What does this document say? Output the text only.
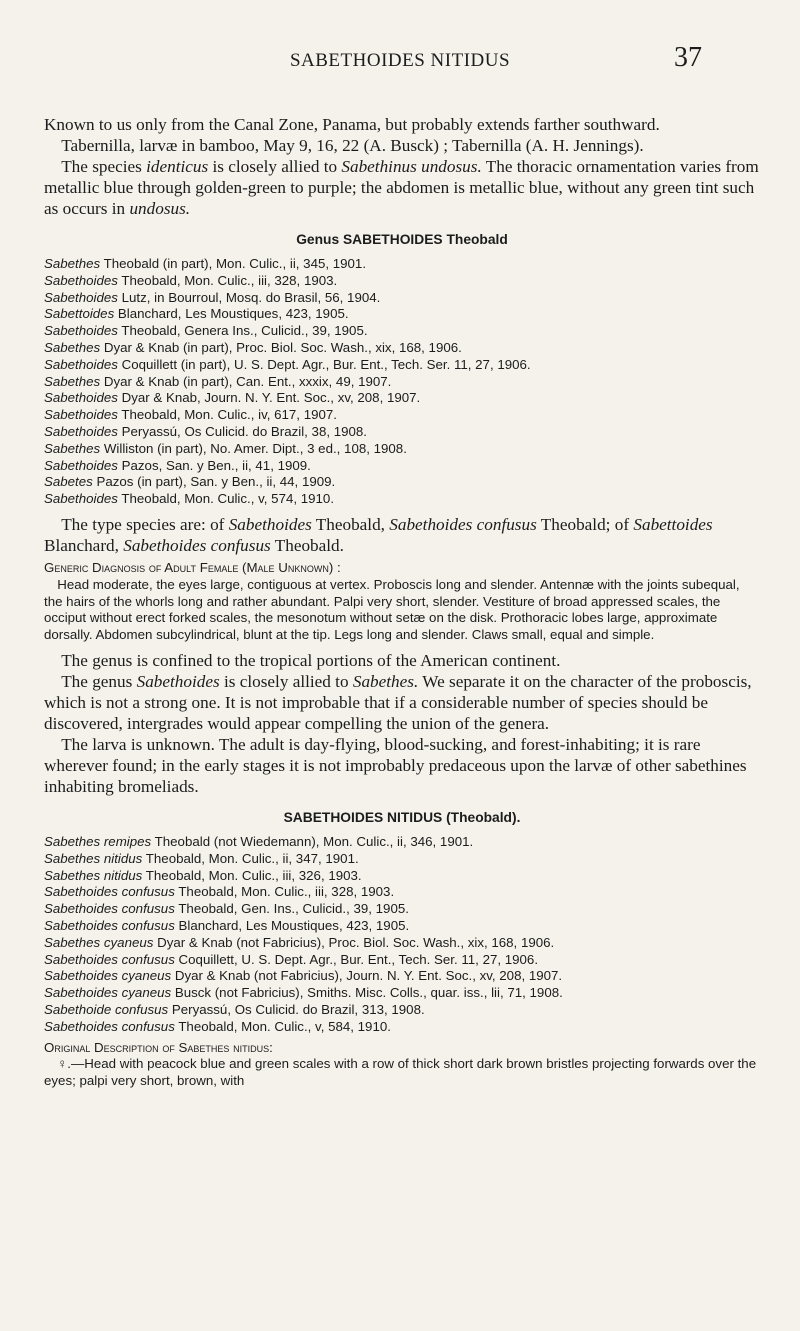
SABETHOIDES NITIDUS	37

Known to us only from the Canal Zone, Panama, but probably extends farther southward.

Tabernilla, larvæ in bamboo, May 9, 16, 22 (A. Busck) ; Tabernilla (A. H. Jennings).

The species identicus is closely allied to Sabethinus undosus. The thoracic ornamentation varies from metallic blue through golden-green to purple; the abdomen is metallic blue, without any green tint such as occurs in undosus.

Genus SABETHOIDES Theobald

Sabethes Theobald (in part), Mon. Culic., ii, 345, 1901.

Sabethoides Theobald, Mon. Culic., iii, 328, 1903.

Sabethoides Lutz, in Bourroul, Mosq. do Brasil, 56, 1904.

Sabettoides Blanchard, Les Moustiques, 423, 1905.

Sabethoides Theobald, Genera Ins., Culicid., 39, 1905.

Sabethes Dyar & Knab (in part), Proc. Biol. Soc. Wash., xix, 168, 1906.

Sabethoides Coquillett (in part), U. S. Dept. Agr., Bur. Ent., Tech. Ser. 11, 27, 1906.

Sabethes Dyar & Knab (in part), Can. Ent., xxxix, 49, 1907.

Sabethoides Dyar & Knab, Journ. N. Y. Ent. Soc., xv, 208, 1907.

Sabethoides Theobald, Mon. Culic., iv, 617, 1907.

Sabethoides Peryassú, Os Culicid. do Brazil, 38, 1908.

Sabethes Williston (in part), No. Amer. Dipt., 3 ed., 108, 1908.

Sabethoides Pazos, San. y Ben., ii, 41, 1909.

Sabetes Pazos (in part), San. y Ben., ii, 44, 1909.

Sabethoides Theobald, Mon. Culic., v, 574, 1910.

The type species are: of Sabethoides Theobald, Sabethoides confusus Theobald; of Sabettoides Blanchard, Sabethoides confusus Theobald.

Generic Diagnosis of Adult Female (Male Unknown) :

Head moderate, the eyes large, contiguous at vertex. Proboscis long and slender. Antennæ with the joints subequal, the hairs of the whorls long and rather abundant. Palpi very short, slender. Vestiture of broad appressed scales, the occiput without erect forked scales, the mesonotum without setæ on the disk. Prothoracic lobes large, approximate dorsally. Abdomen subcylindrical, blunt at the tip. Legs long and slender. Claws small, equal and simple.

The genus is confined to the tropical portions of the American continent.

The genus Sabethoides is closely allied to Sabethes. We separate it on the character of the proboscis, which is not a strong one. It is not improbable that if a considerable number of species should be discovered, intergrades would appear compelling the union of the genera.

The larva is unknown. The adult is day-flying, blood-sucking, and forest-inhabiting; it is rare wherever found; in the early stages it is not improbably predaceous upon the larvæ of other sabethines inhabiting bromeliads.

SABETHOIDES NITIDUS (Theobald).

Sabethes remipes Theobald (not Wiedemann), Mon. Culic., ii, 346, 1901.

Sabethes nitidus Theobald, Mon. Culic., ii, 347, 1901.

Sabethes nitidus Theobald, Mon. Culic., iii, 326, 1903.

Sabethoides confusus Theobald, Mon. Culic., iii, 328, 1903.

Sabethoides confusus Theobald, Gen. Ins., Culicid., 39, 1905.

Sabethoides confusus Blanchard, Les Moustiques, 423, 1905.

Sabethes cyaneus Dyar & Knab (not Fabricius), Proc. Biol. Soc. Wash., xix, 168, 1906.

Sabethoides confusus Coquillett, U. S. Dept. Agr., Bur. Ent., Tech. Ser. 11, 27, 1906.

Sabethoides cyaneus Dyar & Knab (not Fabricius), Journ. N. Y. Ent. Soc., xv, 208, 1907.

Sabethoides cyaneus Busck (not Fabricius), Smiths. Misc. Colls., quar. iss., lii, 71, 1908.

Sabethoide confusus Peryassú, Os Culicid. do Brazil, 313, 1908.

Sabethoides confusus Theobald, Mon. Culic., v, 584, 1910.

Original Description of Sabethes nitidus:

♀.—Head with peacock blue and green scales with a row of thick short dark brown bristles projecting forwards over the eyes; palpi very short, brown, with
